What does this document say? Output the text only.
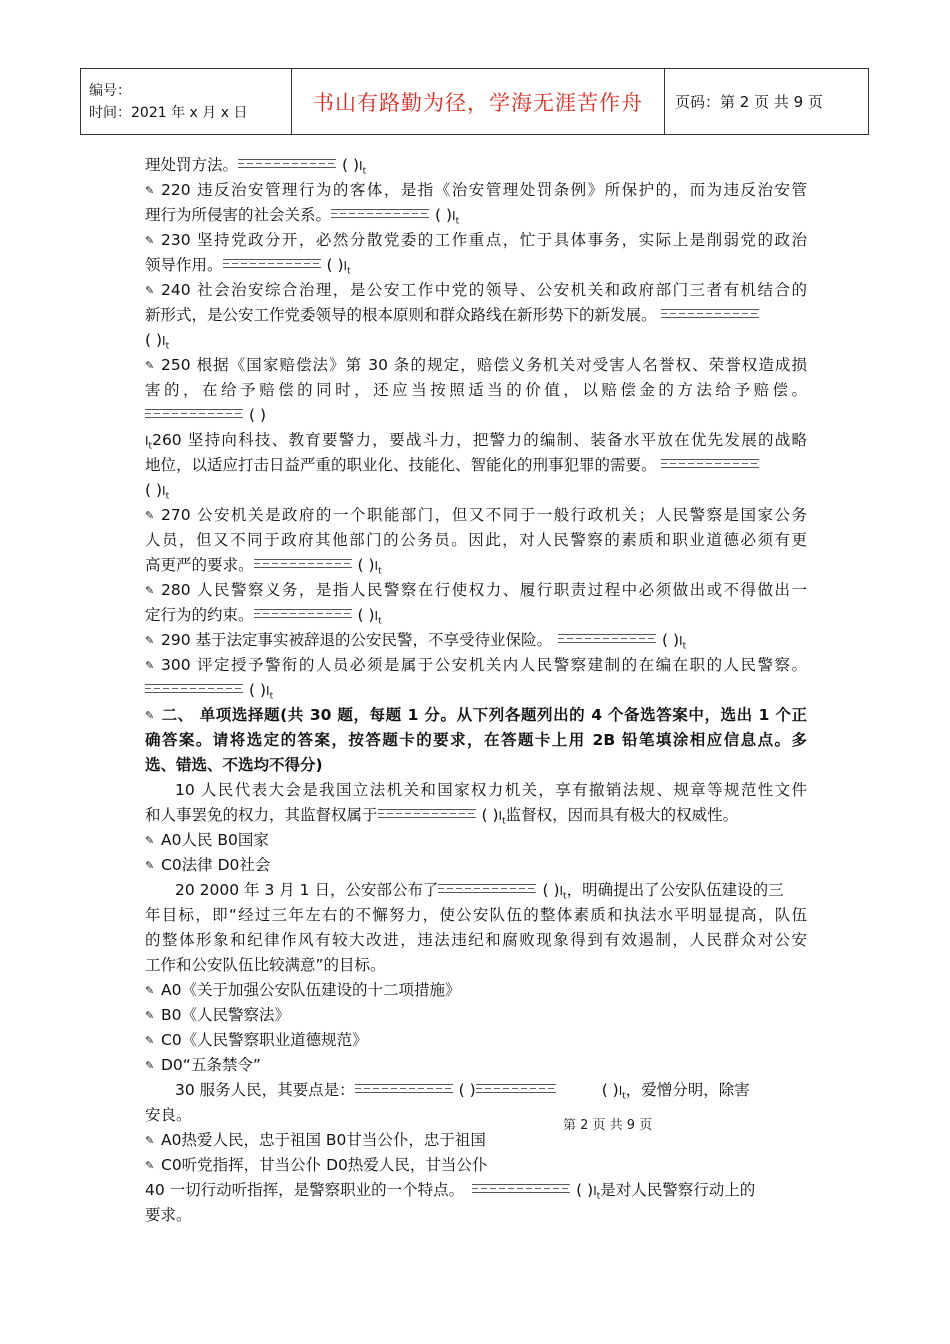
编号：
时间：2021 年 x 月 x 日	书山有路勤为径，学海无涯苦作舟	页码：第 2 页 共 9 页
理处罚方法。	( )$I_t$
✎ 220 违反治安管理行为的客体，是指《治安管理处罚条例》所保护的，而为违反治安管
理行为所侵害的社会关系。	( )$I_t$
✎ 230 坚持党政分开，必然分散党委的工作重点，忙于具体事务，实际上是削弱党的政治
领导作用。	( )$I_t$
✎ 240 社会治安综合治理，是公安工作中党的领导、公安机关和政府部门三者有机结合的
新形式，是公安工作党委领导的根本原则和群众路线在新形势下的新发展。
( )$I_t$
✎ 250 根据《国家赔偿法》第 30 条的规定，赔偿义务机关对受害人名誉权、荣誉权造成损
害的，在给予赔偿的同时，还应当按照适当的价值，以赔偿金的方法给予赔偿。
( )
$I_t260$ 坚持向科技、教育要警力，要战斗力，把警力的编制、装备水平放在优先发展的战略
地位，以适应打击日益严重的职业化、技能化、智能化的刑事犯罪的需要。
( )$I_t$
✎ 270 公安机关是政府的一个职能部门，但又不同于一般行政机关；人民警察是国家公务
人员，但又不同于政府其他部门的公务员。因此，对人民警察的素质和职业道德必须有更
高更严的要求。	( )$I_t$
✎ 280 人民警察义务，是指人民警察在行使权力、履行职责过程中必须做出或不得做出一
定行为的约束。	( )$I_t$
✎ 290 基于法定事实被辞退的公安民警，不享受待业保险。	( )$I_t$
✎ 300 评定授予警衔的人员必须是属于公安机关内人民警察建制的在编在职的人民警察。
( )$I_t$
✎ 二、 单项选择题(共 30 题，每题 1 分。从下列各题列出的 4 个备选答案中，选出 1 个正
确答案。请将选定的答案，按答题卡的要求，在答题卡上用 2B 铅笔填涂相应信息点。多
选、错选、不选均不得分)
10 人民代表大会是我国立法机关和国家权力机关，享有撤销法规、规章等规范性文件
和人事罢免的权力，其监督权属于	( )$I_t$监督权，因而具有极大的权威性。
✎ A0人民 B0国家
✎ C0法律 D0社会
20 2000 年 3 月 1 日，公安部公布了	( )$I_t$，明确提出了公安队伍建设的三
年目标，即“经过三年左右的不懈努力，使公安队伍的整体素质和执法水平明显提高，队伍
的整体形象和纪律作风有较大改进，违法违纪和腐败现象得到有效遏制，人民群众对公安
工作和公安队伍比较满意”的目标。
✎ A0《关于加强公安队伍建设的十二项措施》
✎ B0《人民警察法》
✎ C0《人民警察职业道德规范》
✎ D0“五条禁令”
30 服务人民，其要点是：	( )	( )$I_t$，爱憎分明，除害
安良。
✎ A0热爱人民，忠于祖国 B0甘当公仆，忠于祖国
✎ C0听党指挥，甘当公仆 D0热爱人民，甘当公仆
40 一切行动听指挥，是警察职业的一个特点。	( )$I_t$是对人民警察行动上的
要求。
第 2 页 共 9 页
